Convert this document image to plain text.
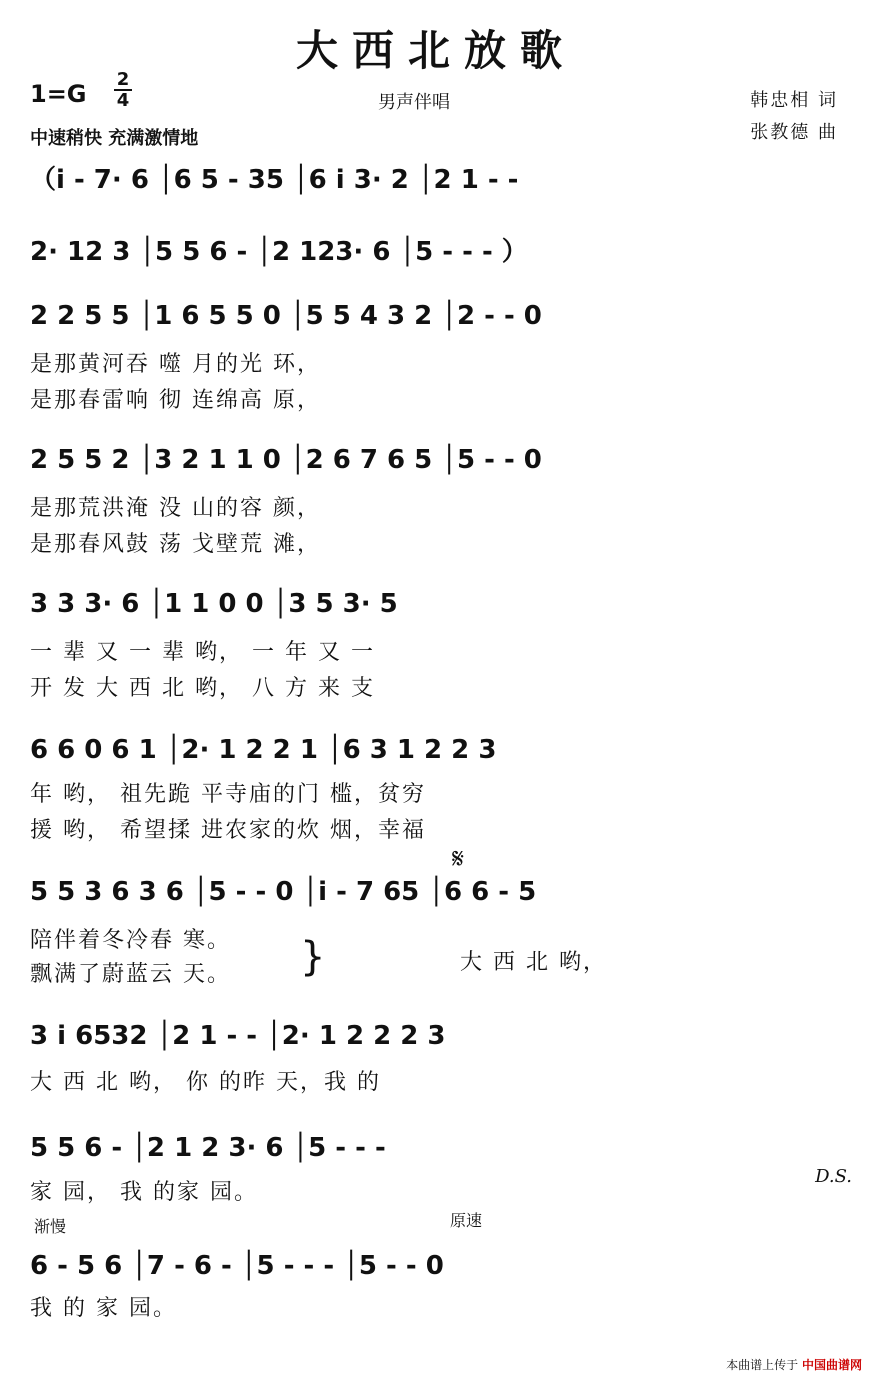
大西北放歌
1=G
2
4
中速稍快 充满激情地
男声伴唱	韩忠相 词
张教德 曲
（i - 7· 6 │6 5 - 35 │6 i 3· 2 │2 1 - -
2· 12 3 │5 5 6 - │2 123· 6 │5 - - - ）
2 2 5 5 │1 6 5 5 0 │5 5 4 3 2 │2 - - 0
是那黄河吞 噬 月的光 环，
是那春雷响 彻 连绵高 原，
2 5 5 2 │3 2 1 1 0 │2 6 7 6 5 │5 - - 0
是那荒洪淹 没 山的容 颜，
是那春风鼓 荡 戈壁荒 滩，
3 3 3· 6 │1 1 0 0 │3 5 3· 5
一 辈 又 一 辈 哟， 一 年 又 一
开 发 大 西 北 哟， 八 方 来 支
6 6 0 6 1 │2· 1 2 2 1 │6 3 1 2 2 3
年 哟， 祖先跪 平寺庙的门 槛，贫穷
援 哟， 希望揉 进农家的炊 烟，幸福
𝄋
5 5 3 6 3 6 │5 - - 0 │i - 7 65 │6 6 - 5
陪伴着冬冷春 寒。
飘满了蔚蓝云 天。 }	大 西 北 哟，
3 i 6532 │2 1 - - │2· 1 2 2 2 3
大 西 北 哟， 你 的昨 天，我 的
5 5 6 - │2 1 2 3· 6 │5 - - -
D.S.
家 园， 我 的家 园。
渐慢	原速
6 - 5 6 │7 - 6 - │5 - - - │5 - - 0
我 的 家 园。
本曲谱上传于 中国曲谱网
